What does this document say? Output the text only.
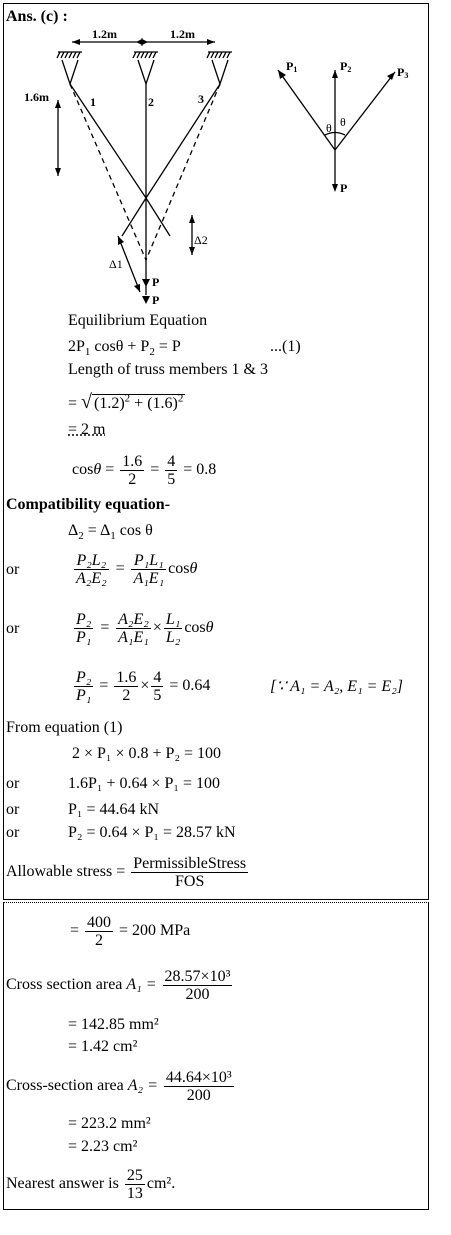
Ans. (c) :
1.2m	1.2m
1.6m	1	2	3
Δ2
Δ1
P
P
P1	P2	P3
θ θ
P
Equilibrium Equation
$2P_1$ $\cos\theta + P_2 = P$	...(1)
Length of truss members 1 & 3
= √ $(1.2)^2 + (1.6)^2$
= 2 m
$\cos\theta = \frac{1.6}{2} = \frac{4}{5} = 0.8$
Compatibility equation-
$\Delta_2 = \Delta_1$ cos θ
or	$\frac{\text{P₂L₂}}{\text{A₂E₂}} = \frac{\text{P₁L₁}}{\text{A₁E₁}}$ cosθ
or	$\frac{\text{P₂}}{\text{P₁}} = \frac{\text{A₂E₂}}{\text{A₁E₁}} \times \frac{\text{L₁}}{\text{L₂}}$ cosθ
$\frac{\text{P₂}}{\text{P₁}} = \frac{1.6}{2} \times \frac{4}{5} = 0.64$	[∵ A₁ = A₂, E₁ = E₂]
From equation (1)
2 × P₁ × 0.8 + P₂ = 100
or	1.6P₁ + 0.64 × P₁ = 100
or	P₁ = 44.64 kN
or	P₂ = 0.64 × P₁ = 28.57 kN
Allowable stress = $\frac{\text{PermissibleStress}}{\text{FOS}}$
= $\frac{400}{2} = 200$ MPa
Cross section area $A_1 = \frac{\text{28.57×10³}}{200}$
= 142.85 mm²
= 1.42 cm²
Cross-section area $A_2 = \frac{\text{44.64×10³}}{200}$
= 223.2 mm²
= 2.23 cm²
Nearest answer is $\frac{25}{13} cm^2$.
